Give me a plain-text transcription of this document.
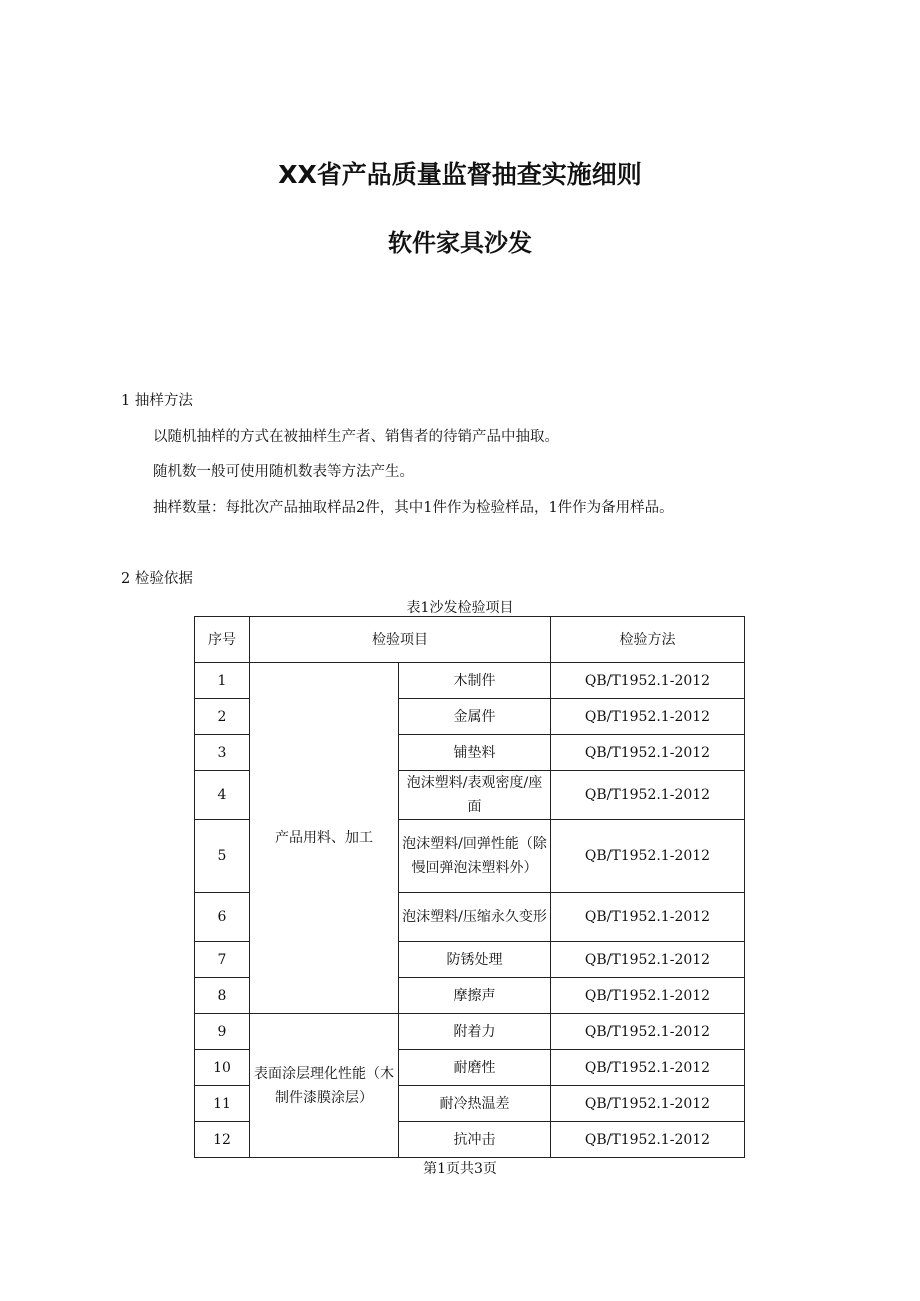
XX省产品质量监督抽查实施细则
软件家具沙发
1 抽样方法
以随机抽样的方式在被抽样生产者、销售者的待销产品中抽取。
随机数一般可使用随机数表等方法产生。
抽样数量：每批次产品抽取样品2件，其中1件作为检验样品，1件作为备用样品。
2 检验依据
表1沙发检验项目
序号	检验项目		检验方法
1	产品用料、加工	木制件	QB/T1952.1-2012
2		金属件	QB/T1952.1-2012
3		铺垫料	QB/T1952.1-2012
4		泡沫塑料/表观密度/座面	QB/T1952.1-2012
5		泡沫塑料/回弹性能（除慢回弹泡沫塑料外）	QB/T1952.1-2012
6		泡沫塑料/压缩永久变形	QB/T1952.1-2012
7		防锈处理	QB/T1952.1-2012
8		摩擦声	QB/T1952.1-2012
9	表面涂层理化性能（木制件漆膜涂层）	附着力	QB/T1952.1-2012
10		耐磨性	QB/T1952.1-2012
11		耐冷热温差	QB/T1952.1-2012
12		抗冲击	QB/T1952.1-2012
第1页共3页
